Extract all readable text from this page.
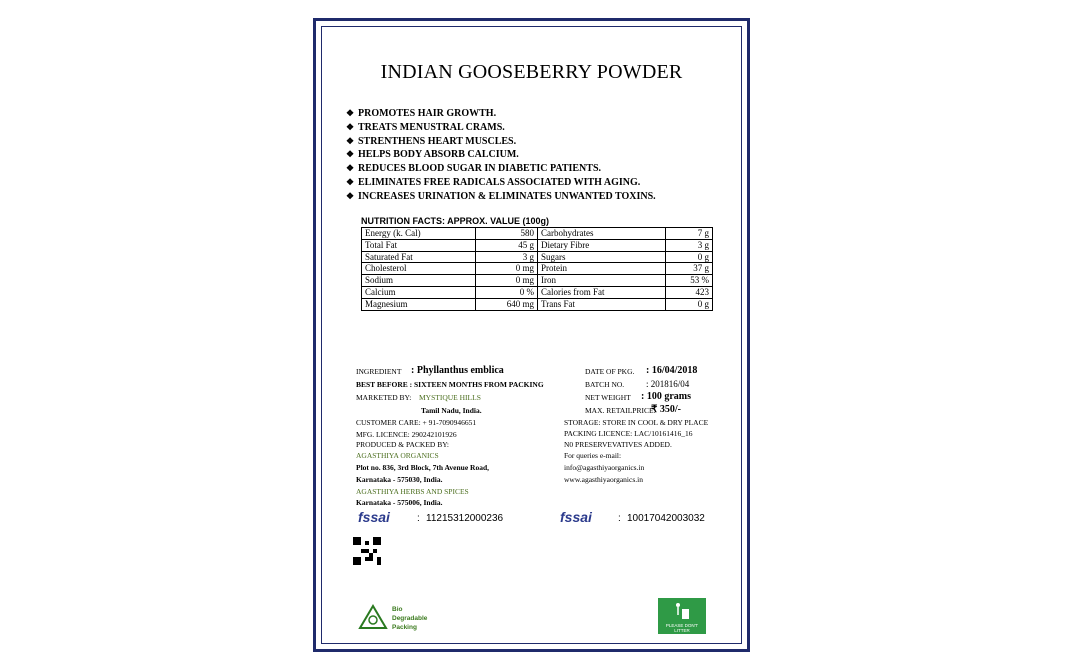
INDIAN GOOSEBERRY POWDER
❖ PROMOTES HAIR GROWTH.
❖ TREATS MENUSTRAL CRAMS.
❖ STRENTHENS HEART MUSCLES.
❖ HELPS BODY ABSORB CALCIUM.
❖ REDUCES BLOOD SUGAR IN DIABETIC PATIENTS.
❖ ELIMINATES FREE RADICALS ASSOCIATED WITH AGING.
❖ INCREASES URINATION & ELIMINATES UNWANTED TOXINS.
NUTRITION FACTS: APPROX. VALUE (100g)
Energy (k. Cal)	580	Carbohydrates	7 g
Total Fat	45 g	Dietary Fibre	3 g
Saturated Fat	3 g	Sugars	0 g
Cholesterol	0 mg	Protein	37 g
Sodium	0 mg	Iron	53 %
Calcium	0 %	Calories from Fat	423
Magnesium	640 mg	Trans Fat	0 g
INGREDIENT : Phyllanthus emblica
BEST BEFORE : SIXTEEN MONTHS FROM PACKING
MARKETED BY: MYSTIQUE HILLS
Tamil Nadu, India.
CUSTOMER CARE: + 91-7090946651
MFG. LICENCE: 290242101926
PRODUCED & PACKED BY:
AGASTHIYA ORGANICS
Plot no. 836, 3rd Block, 7th Avenue Road,
Karnataka - 575030, India.
AGASTHIYA HERBS AND SPICES
Karnataka - 575006, India.
DATE OF PKG. : 16/04/2018
BATCH NO. : 201816/04
NET WEIGHT : 100 grams
MAX. RETAILPRICE:
₹ 350/-
STORAGE: STORE IN COOL & DRY PLACE
PACKING LICENCE: LAC/10161416_16
N0 PRESERVEVATIVES ADDED.
For queries e-mail:
info@agasthiyaorganics.in
www.agasthiyaorganics.in
fssai	: 11215312000236	fssai	: 10017042003032
Bio
Degradable
Packing	PLEASE DON'T LITTER
